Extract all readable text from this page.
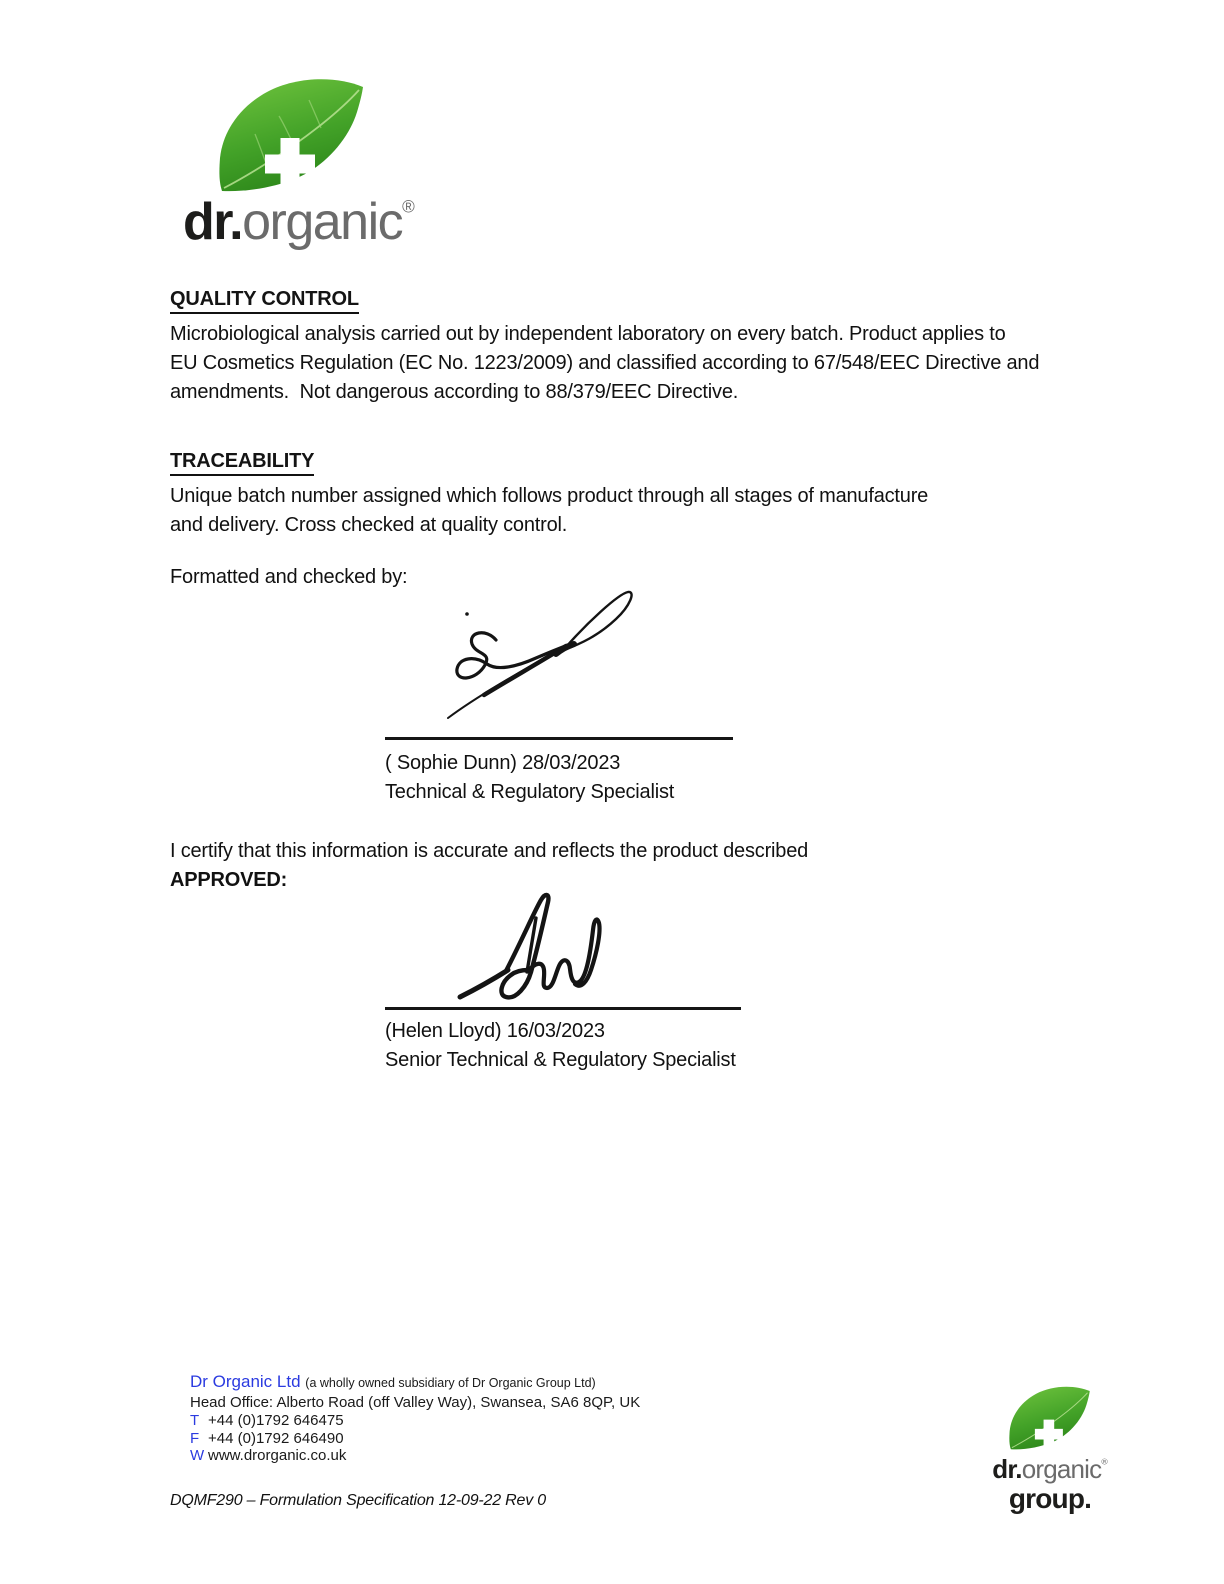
dr.organic®
QUALITY CONTROL
Microbiological analysis carried out by independent laboratory on every batch. Product applies to
EU Cosmetics Regulation (EC No. 1223/2009) and classified according to 67/548/EEC Directive and
amendments.  Not dangerous according to 88/379/EEC Directive.
TRACEABILITY
Unique batch number assigned which follows product through all stages of manufacture
and delivery. Cross checked at quality control.
Formatted and checked by:
( Sophie Dunn) 28/03/2023
Technical & Regulatory Specialist
I certify that this information is accurate and reflects the product described
APPROVED:
(Helen Lloyd) 16/03/2023
Senior Technical & Regulatory Specialist
Dr Organic Ltd (a wholly owned subsidiary of Dr Organic Group Ltd)
Head Office: Alberto Road (off Valley Way), Swansea, SA6 8QP, UK
T +44 (0)1792 646475
F +44 (0)1792 646490
W www.drorganic.co.uk
DQMF290 – Formulation Specification 12-09-22 Rev 0
dr.organic®
group.
